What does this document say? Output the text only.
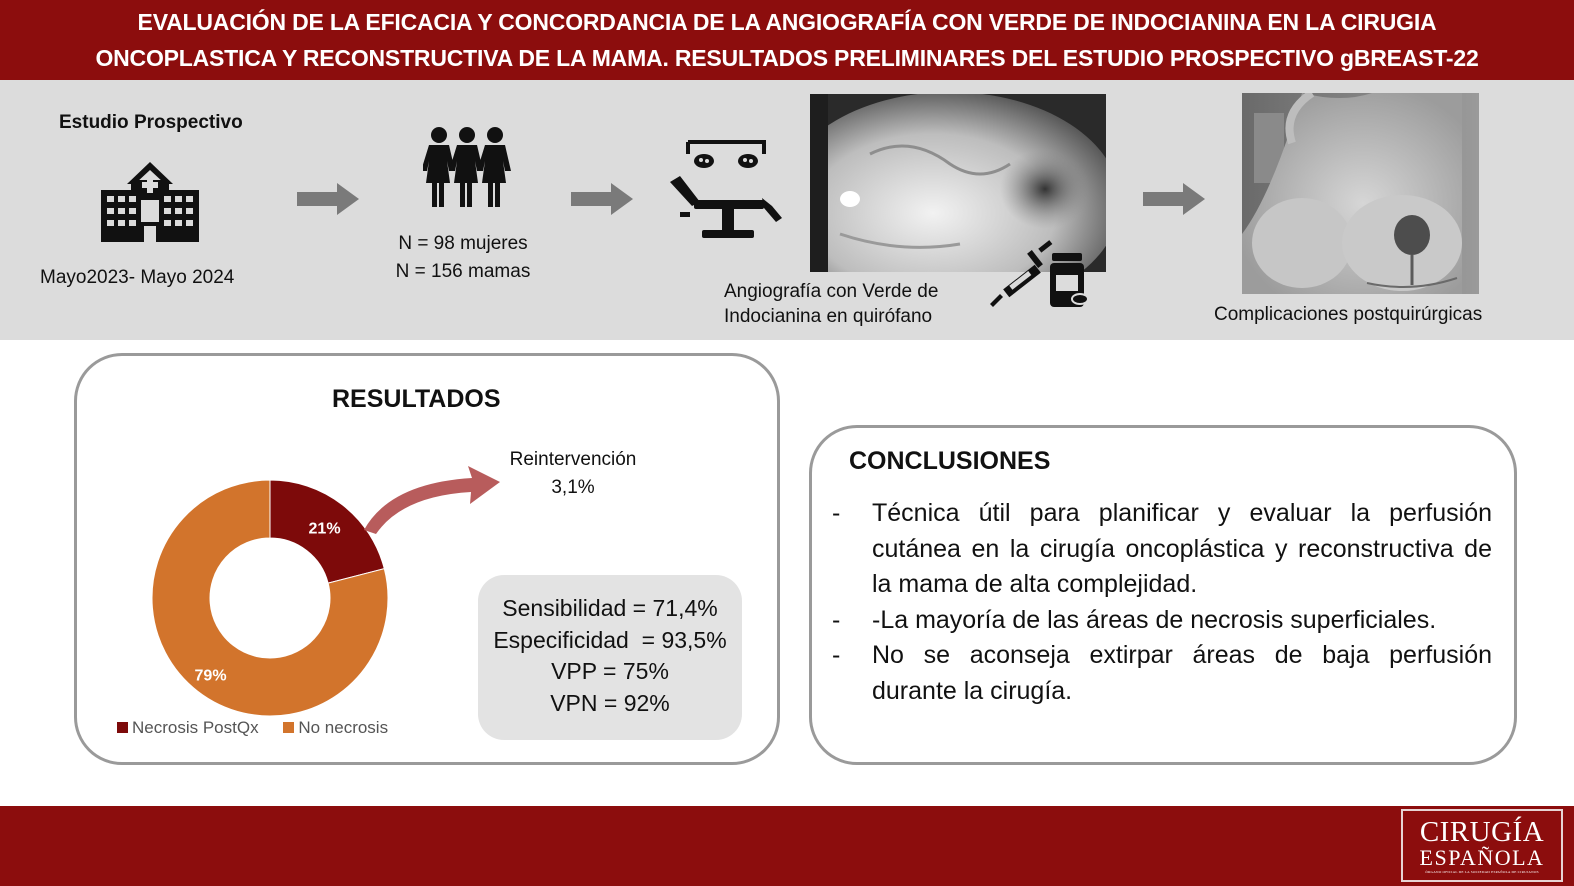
EVALUACIÓN DE LA EFICACIA Y CONCORDANCIA DE LA ANGIOGRAFÍA CON VERDE DE INDOCIANINA EN LA CIRUGIA
ONCOPLASTICA Y RECONSTRUCTIVA DE LA MAMA. RESULTADOS PRELIMINARES DEL ESTUDIO PROSPECTIVO gBREAST-22
Estudio Prospectivo
Mayo2023- Mayo 2024
N = 98 mujeres
N = 156 mamas
Angiografía con Verde de
Indocianina en quirófano	Complicaciones postquirúrgicas
RESULTADOS
21%
79%
Reintervención
3,1%
Necrosis PostQx No necrosis
Sensibilidad = 71,4%
Especificidad  = 93,5%
VPP = 75%
VPN = 92%
CONCLUSIONES
- Técnica útil para planificar y evaluar la perfusión cutánea en la cirugía oncoplástica y reconstructiva de la mama de alta complejidad.
- -La mayoría de las áreas de necrosis superficiales.
- No se aconseja extirpar áreas de baja perfusión durante la cirugía.
CIRUGÍA
ESPAÑOLA
ÓRGANO OFICIAL DE LA SOCIEDAD ESPAÑOLA DE CIRUJANOS
